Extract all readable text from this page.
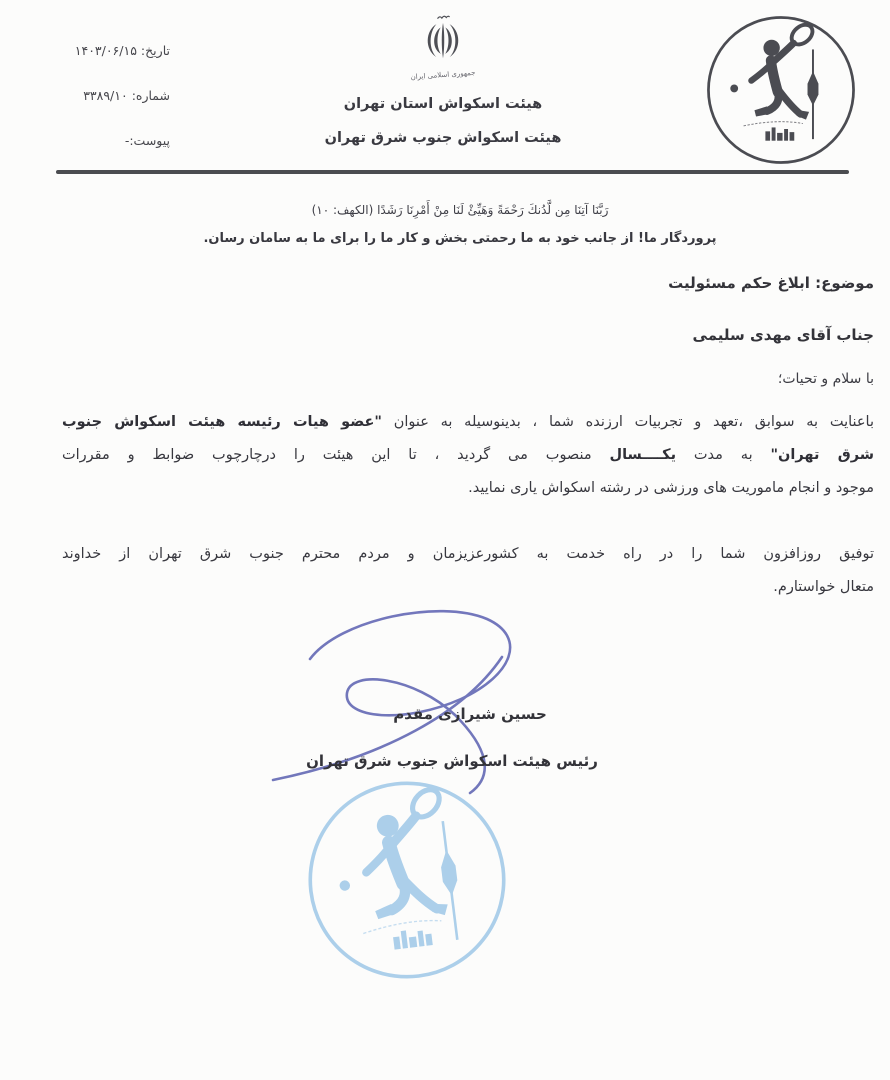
تاریخ: ۱۴۰۳/۰۶/۱۵
شماره: ۳۳۸۹/۱۰
پیوست:-
جمهوری اسلامی ایران
هیئت اسکواش استان تهران
هیئت اسکواش جنوب شرق تهران
رَبَّنَا آتِنَا مِن لَّدُنكَ رَحْمَةً وَهَيِّئْ لَنَا مِنْ أَمْرِنَا رَشَدًا (الكهف: ۱۰)
پروردگار ما! از جانب خود به ما رحمتی بخش و کار ما را برای ما به سامان رسان.
موضوع: ابلاغ حکم مسئولیت
جناب آقای مهدی سلیمی
با سلام و تحیات؛
باعنایت به سوابق ،تعهد و تجربیات ارزنده شما ، بدینوسیله به عنوان "عضو هیات رئیسه هیئت اسکواش جنوب
شرق تهران" به مدت یکــــسال منصوب می گردید ، تا این هیئت را درچارچوب ضوابط و مقررات
موجود و انجام ماموریت های ورزشی در رشته اسکواش یاری نمایید.
توفیق روزافزون شما را در راه خدمت به کشورعزیزمان و مردم محترم جنوب شرق تهران از خداوند
متعال خواستارم.
حسین شیرازی مقدم
رئیس هیئت اسکواش جنوب شرق تهران
